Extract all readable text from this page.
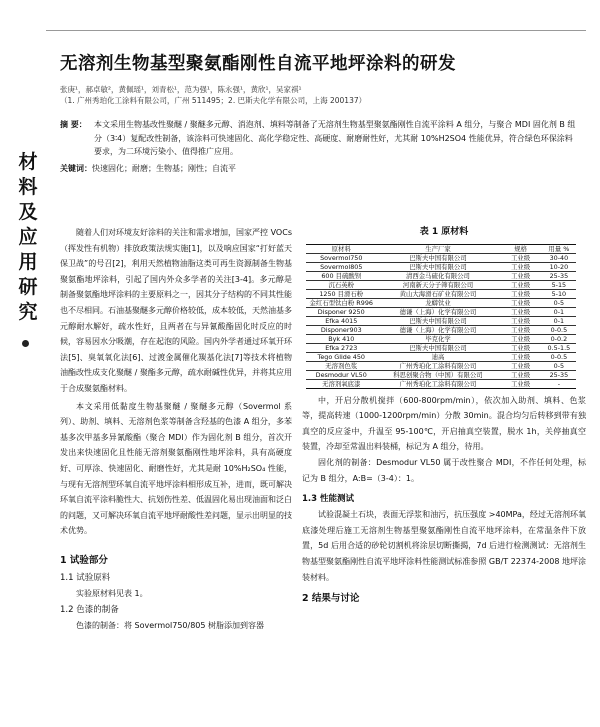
材
料
及
应
用
研
究
无溶剂生物基型聚氨酯刚性自流平地坪涂料的研发
张庚¹，郝卓敏²，黄佩瑶¹，刘青松¹，范为强¹，陈永强¹，黄欣¹，吴家祺¹
（1. 广州秀珀化工涂料有限公司，广州 511495；2. 巴斯夫化学有限公司，上海 200137）
摘 要： 本文采用生物基改性聚醚 / 聚醚多元醇、消泡剂、填料等制备了无溶剂生物基型聚氨酯刚性自流平涂料 A 组分，与聚合 MDI 固化剂 B 组分（3∶4）复配改性制备，该涂料可快速固化、高化学稳定性、高硬度、耐磨耐性好，尤其耐 10%H2SO4 性能优异，符合绿色环保涂料要求，为二环境污染小、值得推广应用。
关键词：快速固化；耐磨；生物基；刚性；自流平

随着人们对环境友好涂料的关注和需求增加，国家严控 VOCs（挥发性有机物）排放政策法规实施[1]，以及响应国家“打好蓝天保卫战”的号召[2]，利用天然植物油脂这类可再生资源制备生物基聚氨酯地坪涂料，引起了国内外众多学者的关注[3-4]。多元醇是制备聚氨酯地坪涂料的主要原料之一，因其分子结构的不同其性能也不尽相同。石油基聚醚多元醇价格较低，成本较低，天然油基多元醇耐水解好，疏水性好，且两者在与异氰酸酯固化时反应的时候，容易因水分吸潮，存在起泡的风险。国内外学者通过环氧开环法[5]、臭氧氧化法[6]、过渡金属催化羰基化法[7]等技术将植物油酯改性成支化聚醚 / 聚酯多元醇，疏水耐碱性优异，并将其应用于合成聚氨酯材料。

本文采用低黏度生物基聚醚 / 聚醚多元醇（Sovermol 系列）、助剂、填料、无溶剂色浆等制备含羟基的色漆 A 组分，多苯基多次甲基多异氰酸酯（聚合 MDI）作为固化剂 B 组分，首次开发出来快速固化且性能无溶剂聚氨酯刚性地坪涂料，具有高硬度好、可厚涂、快速固化、耐磨性好，尤其是耐 10%H₂SO₄ 性能，与现有无溶剂型环氧自流平地坪涂料相形成互补，进而，既可解决环氧自流平涂料脆性大、抗划伤性差、低温固化易出现油面和泛白的问题，又可解决环氧自流平地坪耐酸性差问题，显示出明显的技术优势。

1 试验部分
1.1 试验原料

实验原材料见表 1。

1.2 色漆的制备

色漆的制备：将 Sovermol750/805 树脂添加到容器

表 1 原材料
原材料	生产厂家	规格	用量 %
Sovermol750	巴斯夫中国有限公司	工业级	30-40
Sovermol805	巴斯夫中国有限公司	工业级	10-20
600 目硫酸钡	清西金马硫化有限公司	工业级	25-35
沉石英粉	河南新天分子筛有限公司	工业级	5-15
1250 目滑石粉	黄山大海滑石矿业有限公司	工业级	5-10
金红石型钛白粉 R996	龙蟒钛业	工业级	0-5
Disponer 9250	德谦（上海）化学有限公司	工业级	0-1
Efka 4015	巴斯夫中国有限公司	工业级	0-1
Disponer903	德谦（上海）化学有限公司	工业级	0-0.5
Byk 410	毕克化学	工业级	0-0.2
Efka 2723	巴斯夫中国有限公司	工业级	0.5-1.5
Tego Glide 450	迪高	工业级	0-0.5
无溶剂色浆	广州秀珀化工涂料有限公司	工业级	0-5
Desmodur VL50	科思创聚合物（中国）有限公司	工业级	25-35
无溶剂氧底漆	广州秀珀化工涂料有限公司	工业级	-

中，开启分散机搅拌（600-800rpm/min），依次加入助剂、填料、色浆等，提高转速（1000-1200rpm/min）分散 30min。混合均匀后转移到带有独真空的反应釜中，升温至 95-100℃，开启抽真空装置，脱水 1h，关停抽真空装置，冷却至常温出料装桶，标记为 A 组分，待用。

固化剂的制备：Desmodur VL50 属于改性聚合 MDI，不作任何处理，标记为 B 组分，A:B=（3-4）：1。

1.3 性能测试

试验混凝土石块，表面无浮浆和油污，抗压强度 >40MPa，经过无溶剂环氧底漆处理后施工无溶剂生物基型聚氨酯刚性自流平地坪涂料，在常温条件下放置，5d 后用合适的砂轮切割机将涂层切断撕揭，7d 后进行检测测试：无溶剂生物基型聚氨酯刚性自流平地坪涂料性能测试标准参照 GB/T 22374-2008 地坪涂装材料。

2 结果与讨论
